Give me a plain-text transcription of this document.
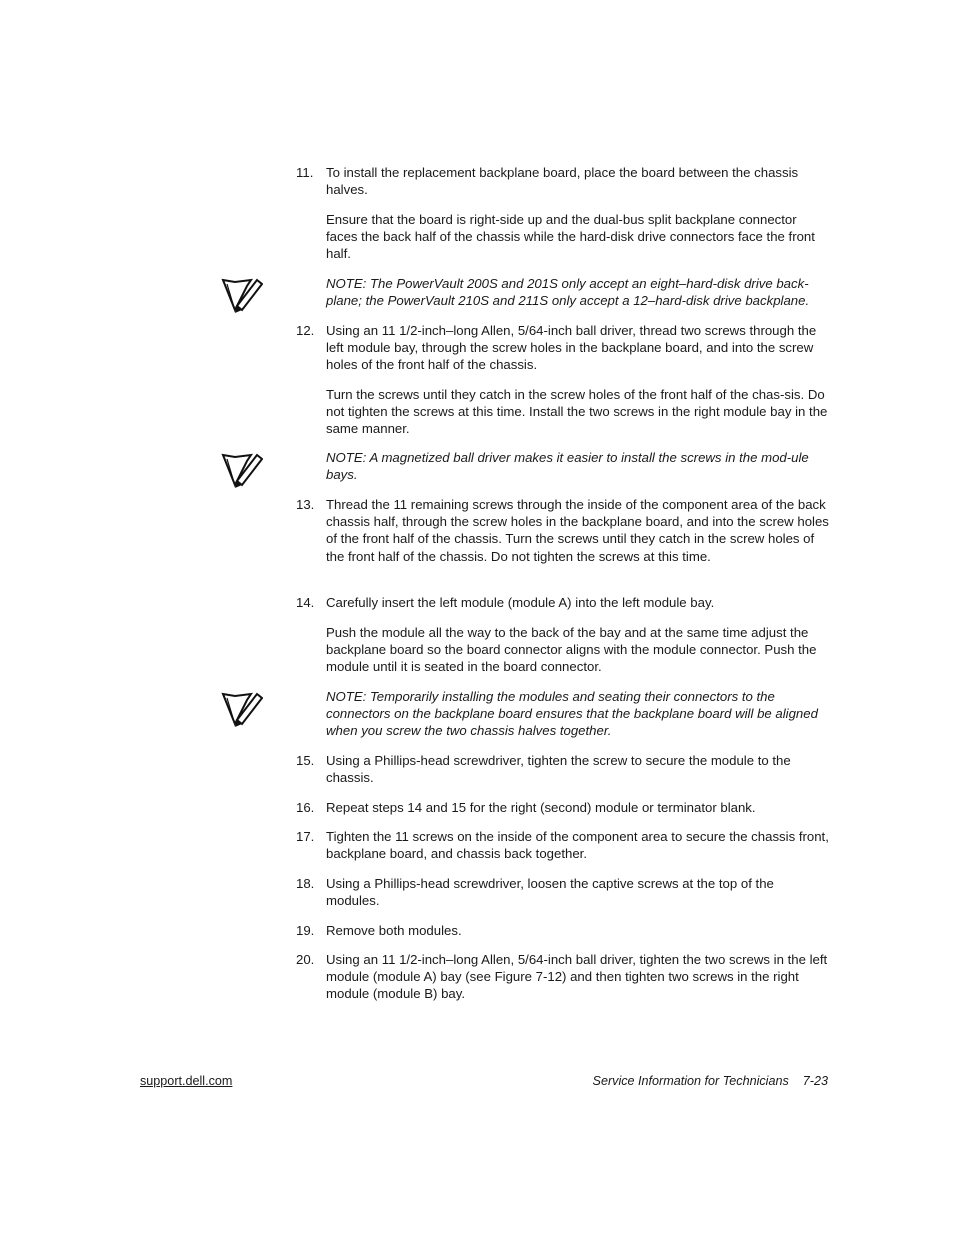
11. To install the replacement backplane board, place the board between the chassis halves.
Ensure that the board is right-side up and the dual-bus split backplane connector faces the back half of the chassis while the hard-disk drive connectors face the front half.
NOTE: The PowerVault 200S and 201S only accept an eight–hard-disk drive back-plane; the PowerVault 210S and 211S only accept a 12–hard-disk drive backplane.
12. Using an 11 1/2-inch–long Allen, 5/64-inch ball driver, thread two screws through the left module bay, through the screw holes in the backplane board, and into the screw holes of the front half of the chassis.
Turn the screws until they catch in the screw holes of the front half of the chas-sis. Do not tighten the screws at this time. Install the two screws in the right module bay in the same manner.
NOTE: A magnetized ball driver makes it easier to install the screws in the mod-ule bays.
13. Thread the 11 remaining screws through the inside of the component area of the back chassis half, through the screw holes in the backplane board, and into the screw holes of the front half of the chassis. Turn the screws until they catch in the screw holes of the front half of the chassis. Do not tighten the screws at this time.
14. Carefully insert the left module (module A) into the left module bay.
Push the module all the way to the back of the bay and at the same time adjust the backplane board so the board connector aligns with the module connector. Push the module until it is seated in the board connector.
NOTE: Temporarily installing the modules and seating their connectors to the connectors on the backplane board ensures that the backplane board will be aligned when you screw the two chassis halves together.
15. Using a Phillips-head screwdriver, tighten the screw to secure the module to the chassis.
16. Repeat steps 14 and 15 for the right (second) module or terminator blank.
17. Tighten the 11 screws on the inside of the component area to secure the chassis front, backplane board, and chassis back together.
18. Using a Phillips-head screwdriver, loosen the captive screws at the top of the modules.
19. Remove both modules.
20. Using an 11 1/2-inch–long Allen, 5/64-inch ball driver, tighten the two screws in the left module (module A) bay (see Figure 7-12) and then tighten two screws in the right module (module B) bay.
support.dell.com	Service Information for Technicians 7-23
